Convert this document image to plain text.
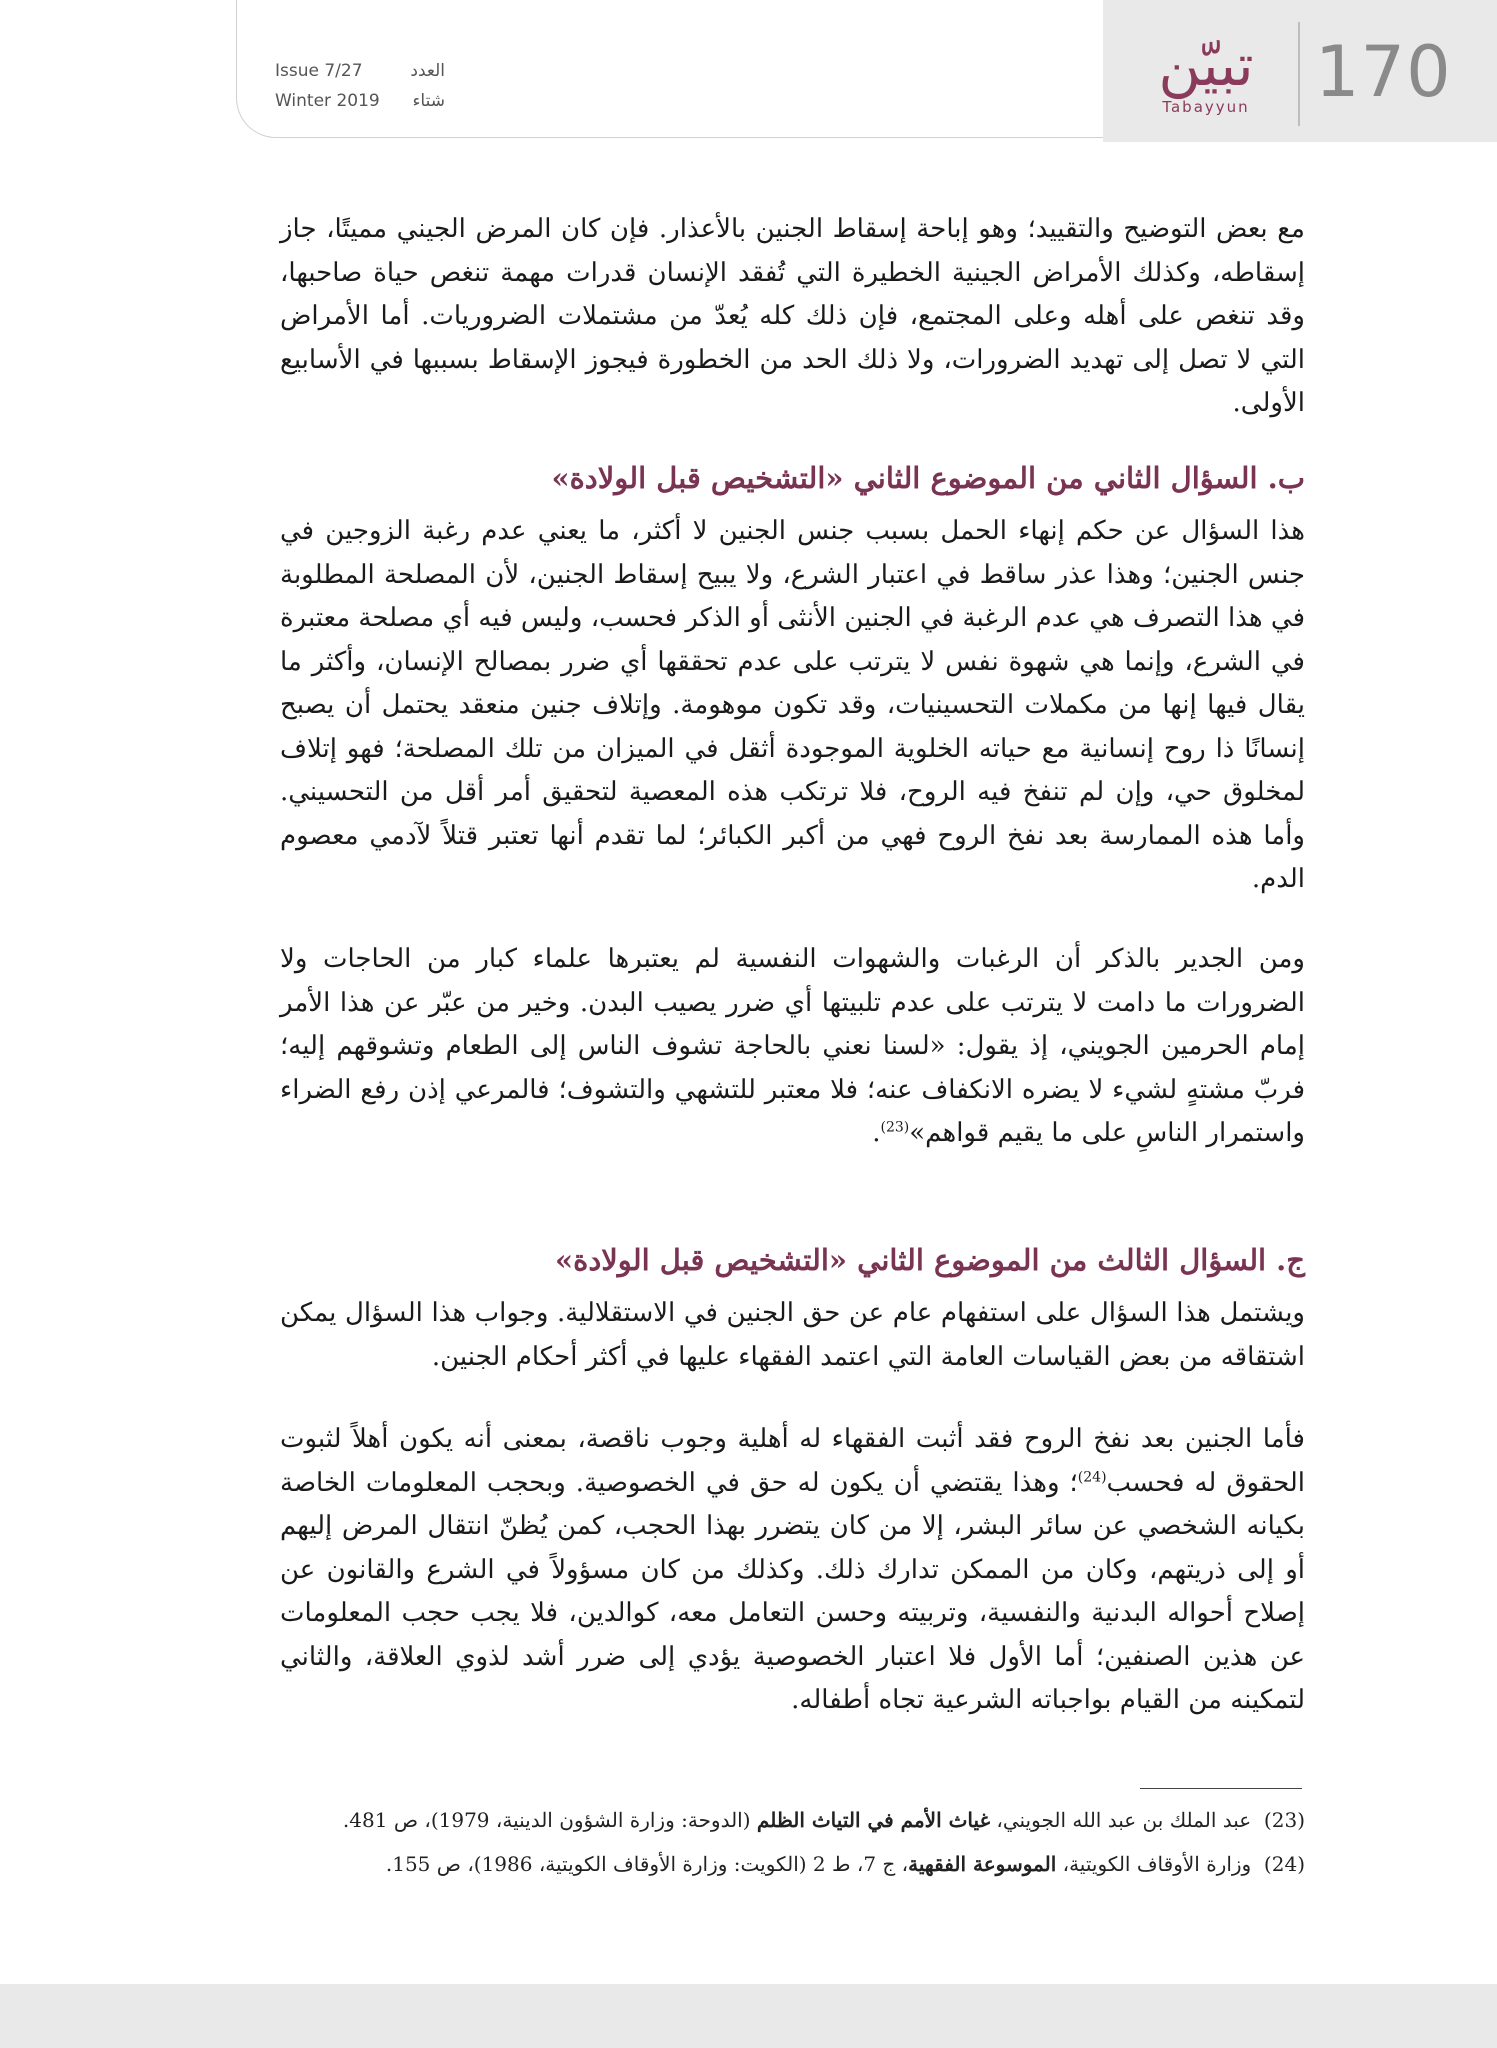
170
تبيّن
Tabayyun
Issue 7/27	العدد
Winter 2019 شتاء

مع بعض التوضيح والتقييد؛ وهو إباحة إسقاط الجنين بالأعذار. فإن كان المرض الجيني مميتًا، جاز إسقاطه، وكذلك الأمراض الجينية الخطيرة التي تُفقد الإنسان قدرات مهمة تنغص حياة صاحبها، وقد تنغص على أهله وعلى المجتمع، فإن ذلك كله يُعدّ من مشتملات الضروريات. أما الأمراض التي لا تصل إلى تهديد الضرورات، ولا ذلك الحد من الخطورة فيجوز الإسقاط بسببها في الأسابيع الأولى.

ب. السؤال الثاني من الموضوع الثاني «التشخيص قبل الولادة»

هذا السؤال عن حكم إنهاء الحمل بسبب جنس الجنين لا أكثر، ما يعني عدم رغبة الزوجين في جنس الجنين؛ وهذا عذر ساقط في اعتبار الشرع، ولا يبيح إسقاط الجنين، لأن المصلحة المطلوبة في هذا التصرف هي عدم الرغبة في الجنين الأنثى أو الذكر فحسب، وليس فيه أي مصلحة معتبرة في الشرع، وإنما هي شهوة نفس لا يترتب على عدم تحققها أي ضرر بمصالح الإنسان، وأكثر ما يقال فيها إنها من مكملات التحسينيات، وقد تكون موهومة. وإتلاف جنين منعقد يحتمل أن يصبح إنسانًا ذا روح إنسانية مع حياته الخلوية الموجودة أثقل في الميزان من تلك المصلحة؛ فهو إتلاف لمخلوق حي، وإن لم تنفخ فيه الروح، فلا ترتكب هذه المعصية لتحقيق أمر أقل من التحسيني. وأما هذه الممارسة بعد نفخ الروح فهي من أكبر الكبائر؛ لما تقدم أنها تعتبر قتلاً لآدمي معصوم الدم.

ومن الجدير بالذكر أن الرغبات والشهوات النفسية لم يعتبرها علماء كبار من الحاجات ولا الضرورات ما دامت لا يترتب على عدم تلبيتها أي ضرر يصيب البدن. وخير من عبّر عن هذا الأمر إمام الحرمين الجويني، إذ يقول: «لسنا نعني بالحاجة تشوف الناس إلى الطعام وتشوقهم إليه؛ فربّ مشتهٍ لشيء لا يضره الانكفاف عنه؛ فلا معتبر للتشهي والتشوف؛ فالمرعي إذن رفع الضراء واستمرار الناسِ على ما يقيم قواهم»$^{(23)}$.

ج. السؤال الثالث من الموضوع الثاني «التشخيص قبل الولادة»

ويشتمل هذا السؤال على استفهام عام عن حق الجنين في الاستقلالية. وجواب هذا السؤال يمكن اشتقاقه من بعض القياسات العامة التي اعتمد الفقهاء عليها في أكثر أحكام الجنين.

فأما الجنين بعد نفخ الروح فقد أثبت الفقهاء له أهلية وجوب ناقصة، بمعنى أنه يكون أهلاً لثبوت الحقوق له فحسب$^{(24)}$؛ وهذا يقتضي أن يكون له حق في الخصوصية. وبحجب المعلومات الخاصة بكيانه الشخصي عن سائر البشر، إلا من كان يتضرر بهذا الحجب، كمن يُظنّ انتقال المرض إليهم أو إلى ذريتهم، وكان من الممكن تدارك ذلك. وكذلك من كان مسؤولاً في الشرع والقانون عن إصلاح أحواله البدنية والنفسية، وتربيته وحسن التعامل معه، كوالدين، فلا يجب حجب المعلومات عن هذين الصنفين؛ أما الأول فلا اعتبار الخصوصية يؤدي إلى ضرر أشد لذوي العلاقة، والثاني لتمكينه من القيام بواجباته الشرعية تجاه أطفاله.

(23)  عبد الملك بن عبد الله الجويني، غياث الأمم في التياث الظلم (الدوحة: وزارة الشؤون الدينية، 1979)، ص 481.
(24)  وزارة الأوقاف الكويتية، الموسوعة الفقهية، ج 7، ط 2 (الكويت: وزارة الأوقاف الكويتية، 1986)، ص 155.
